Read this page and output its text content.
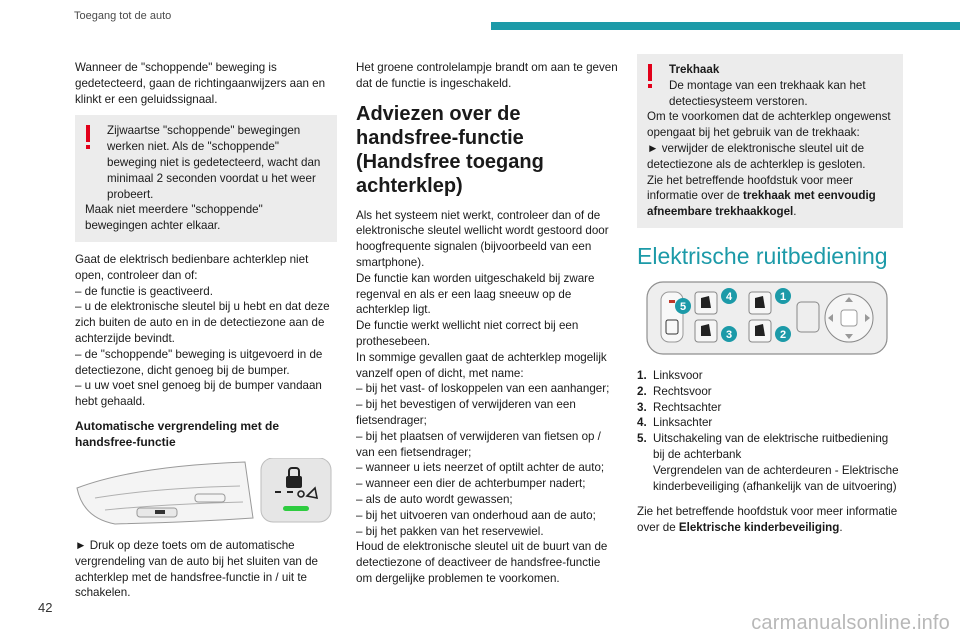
Toegang tot de auto

Wanneer de "schoppende" beweging is gedetecteerd, gaan de richtingaanwijzers aan en klinkt er een geluidssignaal.

Zijwaartse "schoppende" bewegingen werken niet. Als de "schoppende" beweging niet is gedetecteerd, wacht dan minimaal 2 seconden voordat u het weer probeert.
Maak niet meerdere "schoppende" bewegingen achter elkaar.

Gaat de elektrisch bedienbare achterklep niet open, controleer dan of:
– de functie is geactiveerd.
– u de elektronische sleutel bij u hebt en dat deze zich buiten de auto en in de detectiezone aan de achterzijde bevindt.
– de "schoppende" beweging is uitgevoerd in de detectiezone, dicht genoeg bij de bumper.
– u uw voet snel genoeg bij de bumper vandaan hebt gehaald.

Automatische vergrendeling met de handsfree-functie

► Druk op deze toets om de automatische vergrendeling van de auto bij het sluiten van de achterklep met de handsfree-functie in / uit te schakelen.

Het groene controlelampje brandt om aan te geven dat de functie is ingeschakeld.

Adviezen over de handsfree-functie (Handsfree toegang achterklep)

Als het systeem niet werkt, controleer dan of de elektronische sleutel wellicht wordt gestoord door hoogfrequente signalen (bijvoorbeeld van een smartphone).

De functie kan worden uitgeschakeld bij zware regenval en als er een laag sneeuw op de achterklep ligt.

De functie werkt wellicht niet correct bij een prothesebeen.

In sommige gevallen gaat de achterklep mogelijk vanzelf open of dicht, met name:
– bij het vast- of loskoppelen van een aanhanger;
– bij het bevestigen of verwijderen van een fietsendrager;
– bij het plaatsen of verwijderen van fietsen op / van een fietsendrager;
– wanneer u iets neerzet of optilt achter de auto;
– wanneer een dier de achterbumper nadert;
– als de auto wordt gewassen;
– bij het uitvoeren van onderhoud aan de auto;
– bij het pakken van het reservewiel.

Houd de elektronische sleutel uit de buurt van de detectiezone of deactiveer de handsfree-functie om dergelijke problemen te voorkomen.

Trekhaak
De montage van een trekhaak kan het detectiesysteem verstoren.
Om te voorkomen dat de achterklep ongewenst opengaat bij het gebruik van de trekhaak:
► verwijder de elektronische sleutel uit de detectiezone als de achterklep is gesloten.
Zie het betreffende hoofdstuk voor meer informatie over de trekhaak met eenvoudig afneembare trekhaakkogel.
Elektrische ruitbediening
5
4
3
1
2
1. Linksvoor
2. Rechtsvoor
3. Rechtsachter
4. Linksachter
5. Uitschakeling van de elektrische ruitbediening bij de achterbank
Vergrendelen van de achterdeuren - Elektrische kinderbeveiliging (afhankelijk van de uitvoering)

Zie het betreffende hoofdstuk voor meer informatie over de Elektrische kinderbeveiliging.

42
carmanualsonline.info
